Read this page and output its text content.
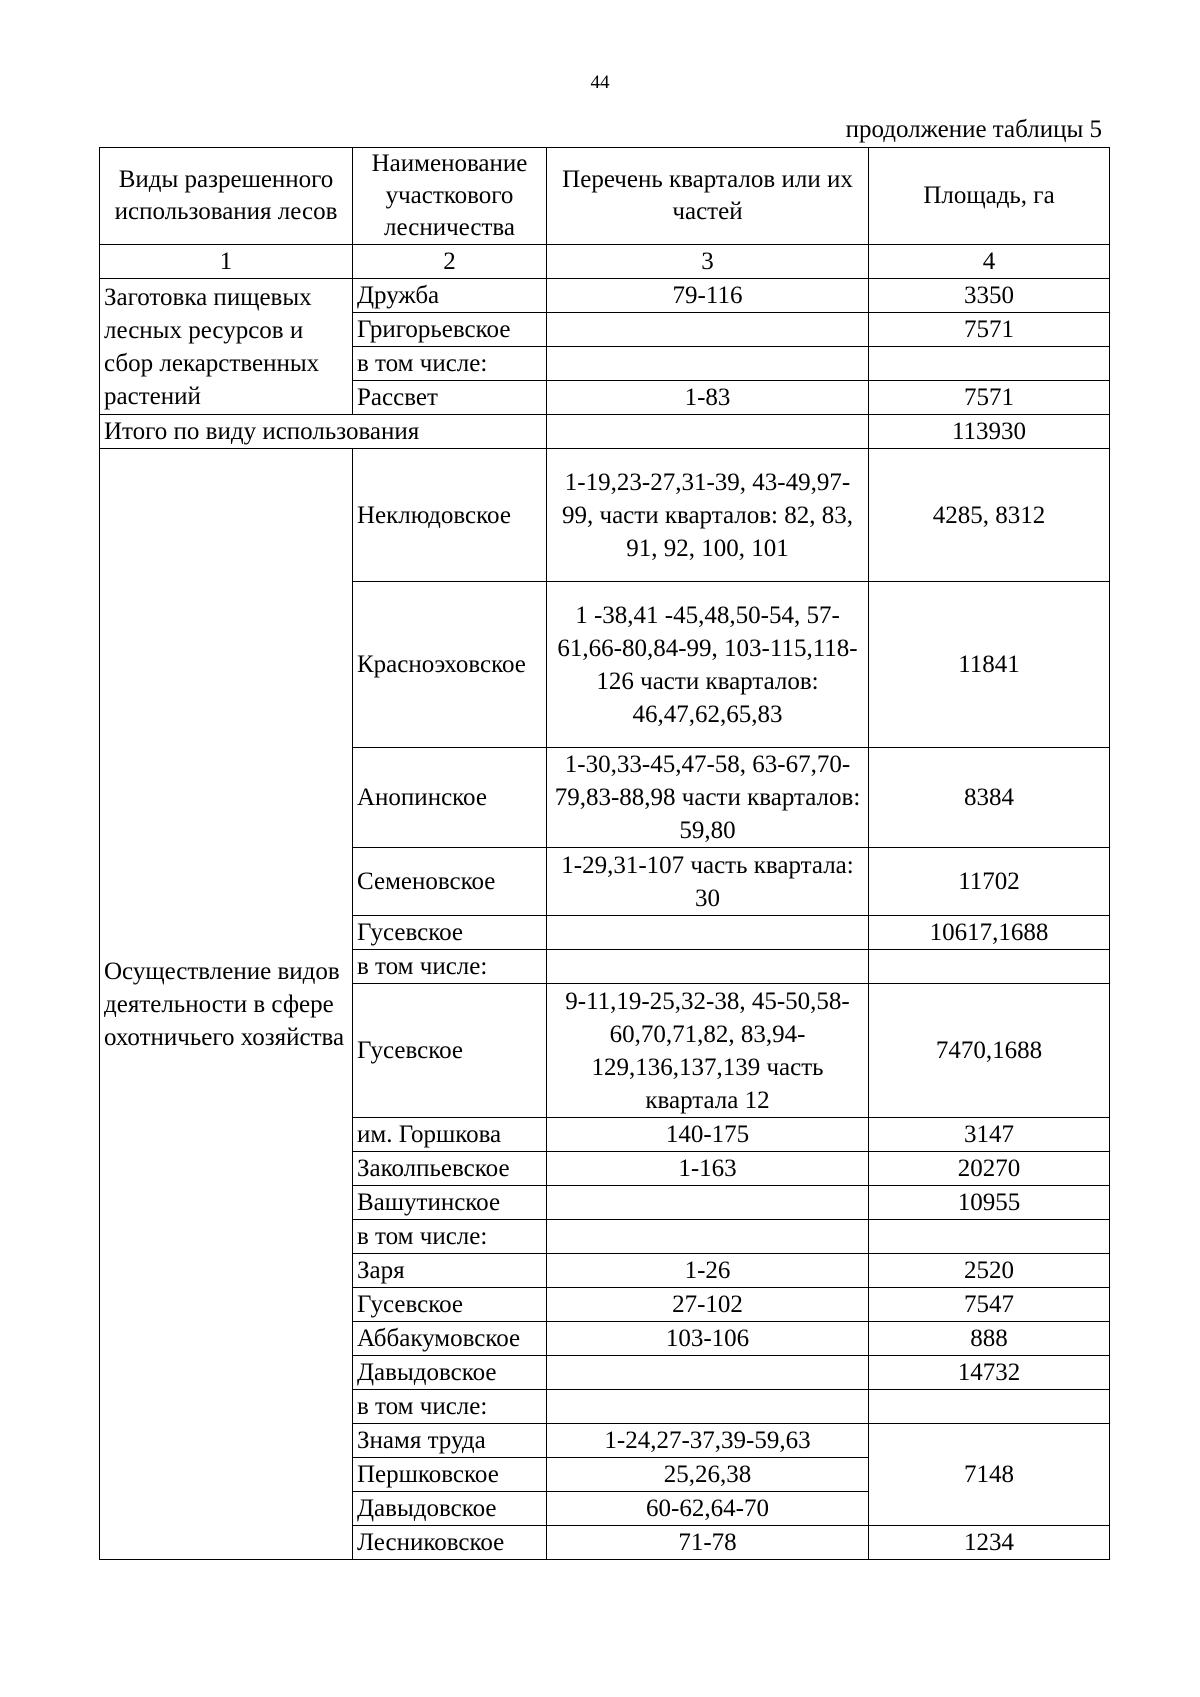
44
продолжение таблицы 5
Виды разрешенного использования лесов	Наименование участкового лесничества	Перечень кварталов или их частей	Площадь, га
1	2	3	4
Заготовка пищевых лесных ресурсов и сбор лекарственных растений	Дружба	79-116	3350
	Григорьевское		7571
	в том числе:		
	Рассвет	1-83	7571
Итого по виду использования			113930
Осуществление видов деятельности в сфере охотничьего хозяйства	Неклюдовское	1-19,23-27,31-39, 43-49,97-99, части кварталов: 82, 83, 91, 92, 100, 101	4285, 8312
	Красноэховское	1 -38,41 -45,48,50-54, 57-61,66-80,84-99, 103-115,118-126 части кварталов: 46,47,62,65,83	11841
	Анопинское	1-30,33-45,47-58, 63-67,70-79,83-88,98 части кварталов: 59,80	8384
	Семеновское	1-29,31-107 часть квартала: 30	11702
	Гусевское		10617,1688
	в том числе:		
	Гусевское	9-11,19-25,32-38, 45-50,58-60,70,71,82, 83,94-129,136,137,139 часть квартала 12	7470,1688
	им. Горшкова	140-175	3147
	Заколпьевское	1-163	20270
	Вашутинское		10955
	в том числе:		
	Заря	1-26	2520
	Гусевское	27-102	7547
	Аббакумовское	103-106	888
	Давыдовское		14732
	в том числе:		
	Знамя труда	1-24,27-37,39-59,63	7148
	Першковское	25,26,38	
	Давыдовское	60-62,64-70	
	Лесниковское	71-78	1234
